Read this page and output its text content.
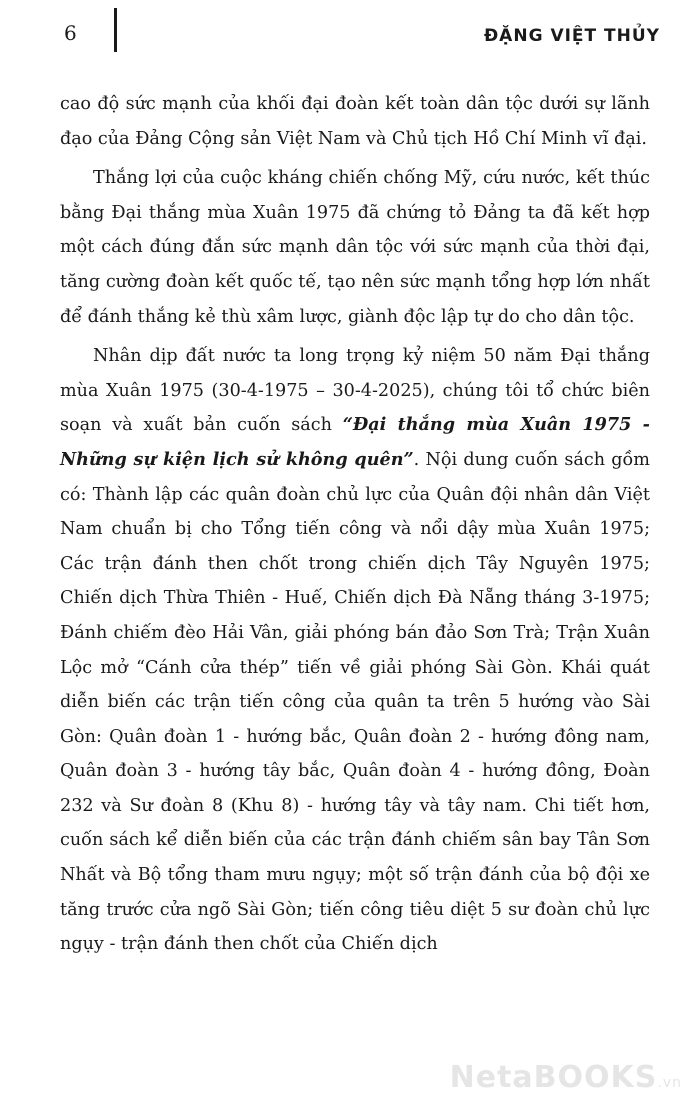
6	ĐẶNG VIỆT THỦY

cao độ sức mạnh của khối đại đoàn kết toàn dân tộc dưới sự lãnh đạo của Đảng Cộng sản Việt Nam và Chủ tịch Hồ Chí Minh vĩ đại.

Thắng lợi của cuộc kháng chiến chống Mỹ, cứu nước, kết thúc bằng Đại thắng mùa Xuân 1975 đã chứng tỏ Đảng ta đã kết hợp một cách đúng đắn sức mạnh dân tộc với sức mạnh của thời đại, tăng cường đoàn kết quốc tế, tạo nên sức mạnh tổng hợp lớn nhất để đánh thắng kẻ thù xâm lược, giành độc lập tự do cho dân tộc.

Nhân dịp đất nước ta long trọng kỷ niệm 50 năm Đại thắng mùa Xuân 1975 (30-4-1975 – 30-4-2025), chúng tôi tổ chức biên soạn và xuất bản cuốn sách “Đại thắng mùa Xuân 1975 - Những sự kiện lịch sử không quên”. Nội dung cuốn sách gồm có: Thành lập các quân đoàn chủ lực của Quân đội nhân dân Việt Nam chuẩn bị cho Tổng tiến công và nổi dậy mùa Xuân 1975; Các trận đánh then chốt trong chiến dịch Tây Nguyên 1975; Chiến dịch Thừa Thiên - Huế, Chiến dịch Đà Nẵng tháng 3-1975; Đánh chiếm đèo Hải Vân, giải phóng bán đảo Sơn Trà; Trận Xuân Lộc mở “Cánh cửa thép” tiến về giải phóng Sài Gòn. Khái quát diễn biến các trận tiến công của quân ta trên 5 hướng vào Sài Gòn: Quân đoàn 1 - hướng bắc, Quân đoàn 2 - hướng đông nam, Quân đoàn 3 - hướng tây bắc, Quân đoàn 4 - hướng đông, Đoàn 232 và Sư đoàn 8 (Khu 8) - hướng tây và tây nam. Chi tiết hơn, cuốn sách kể diễn biến của các trận đánh chiếm sân bay Tân Sơn Nhất và Bộ tổng tham mưu ngụy; một số trận đánh của bộ đội xe tăng trước cửa ngõ Sài Gòn; tiến công tiêu diệt 5 sư đoàn chủ lực ngụy - trận đánh then chốt của Chiến dịch

NetaBOOKS.vn
